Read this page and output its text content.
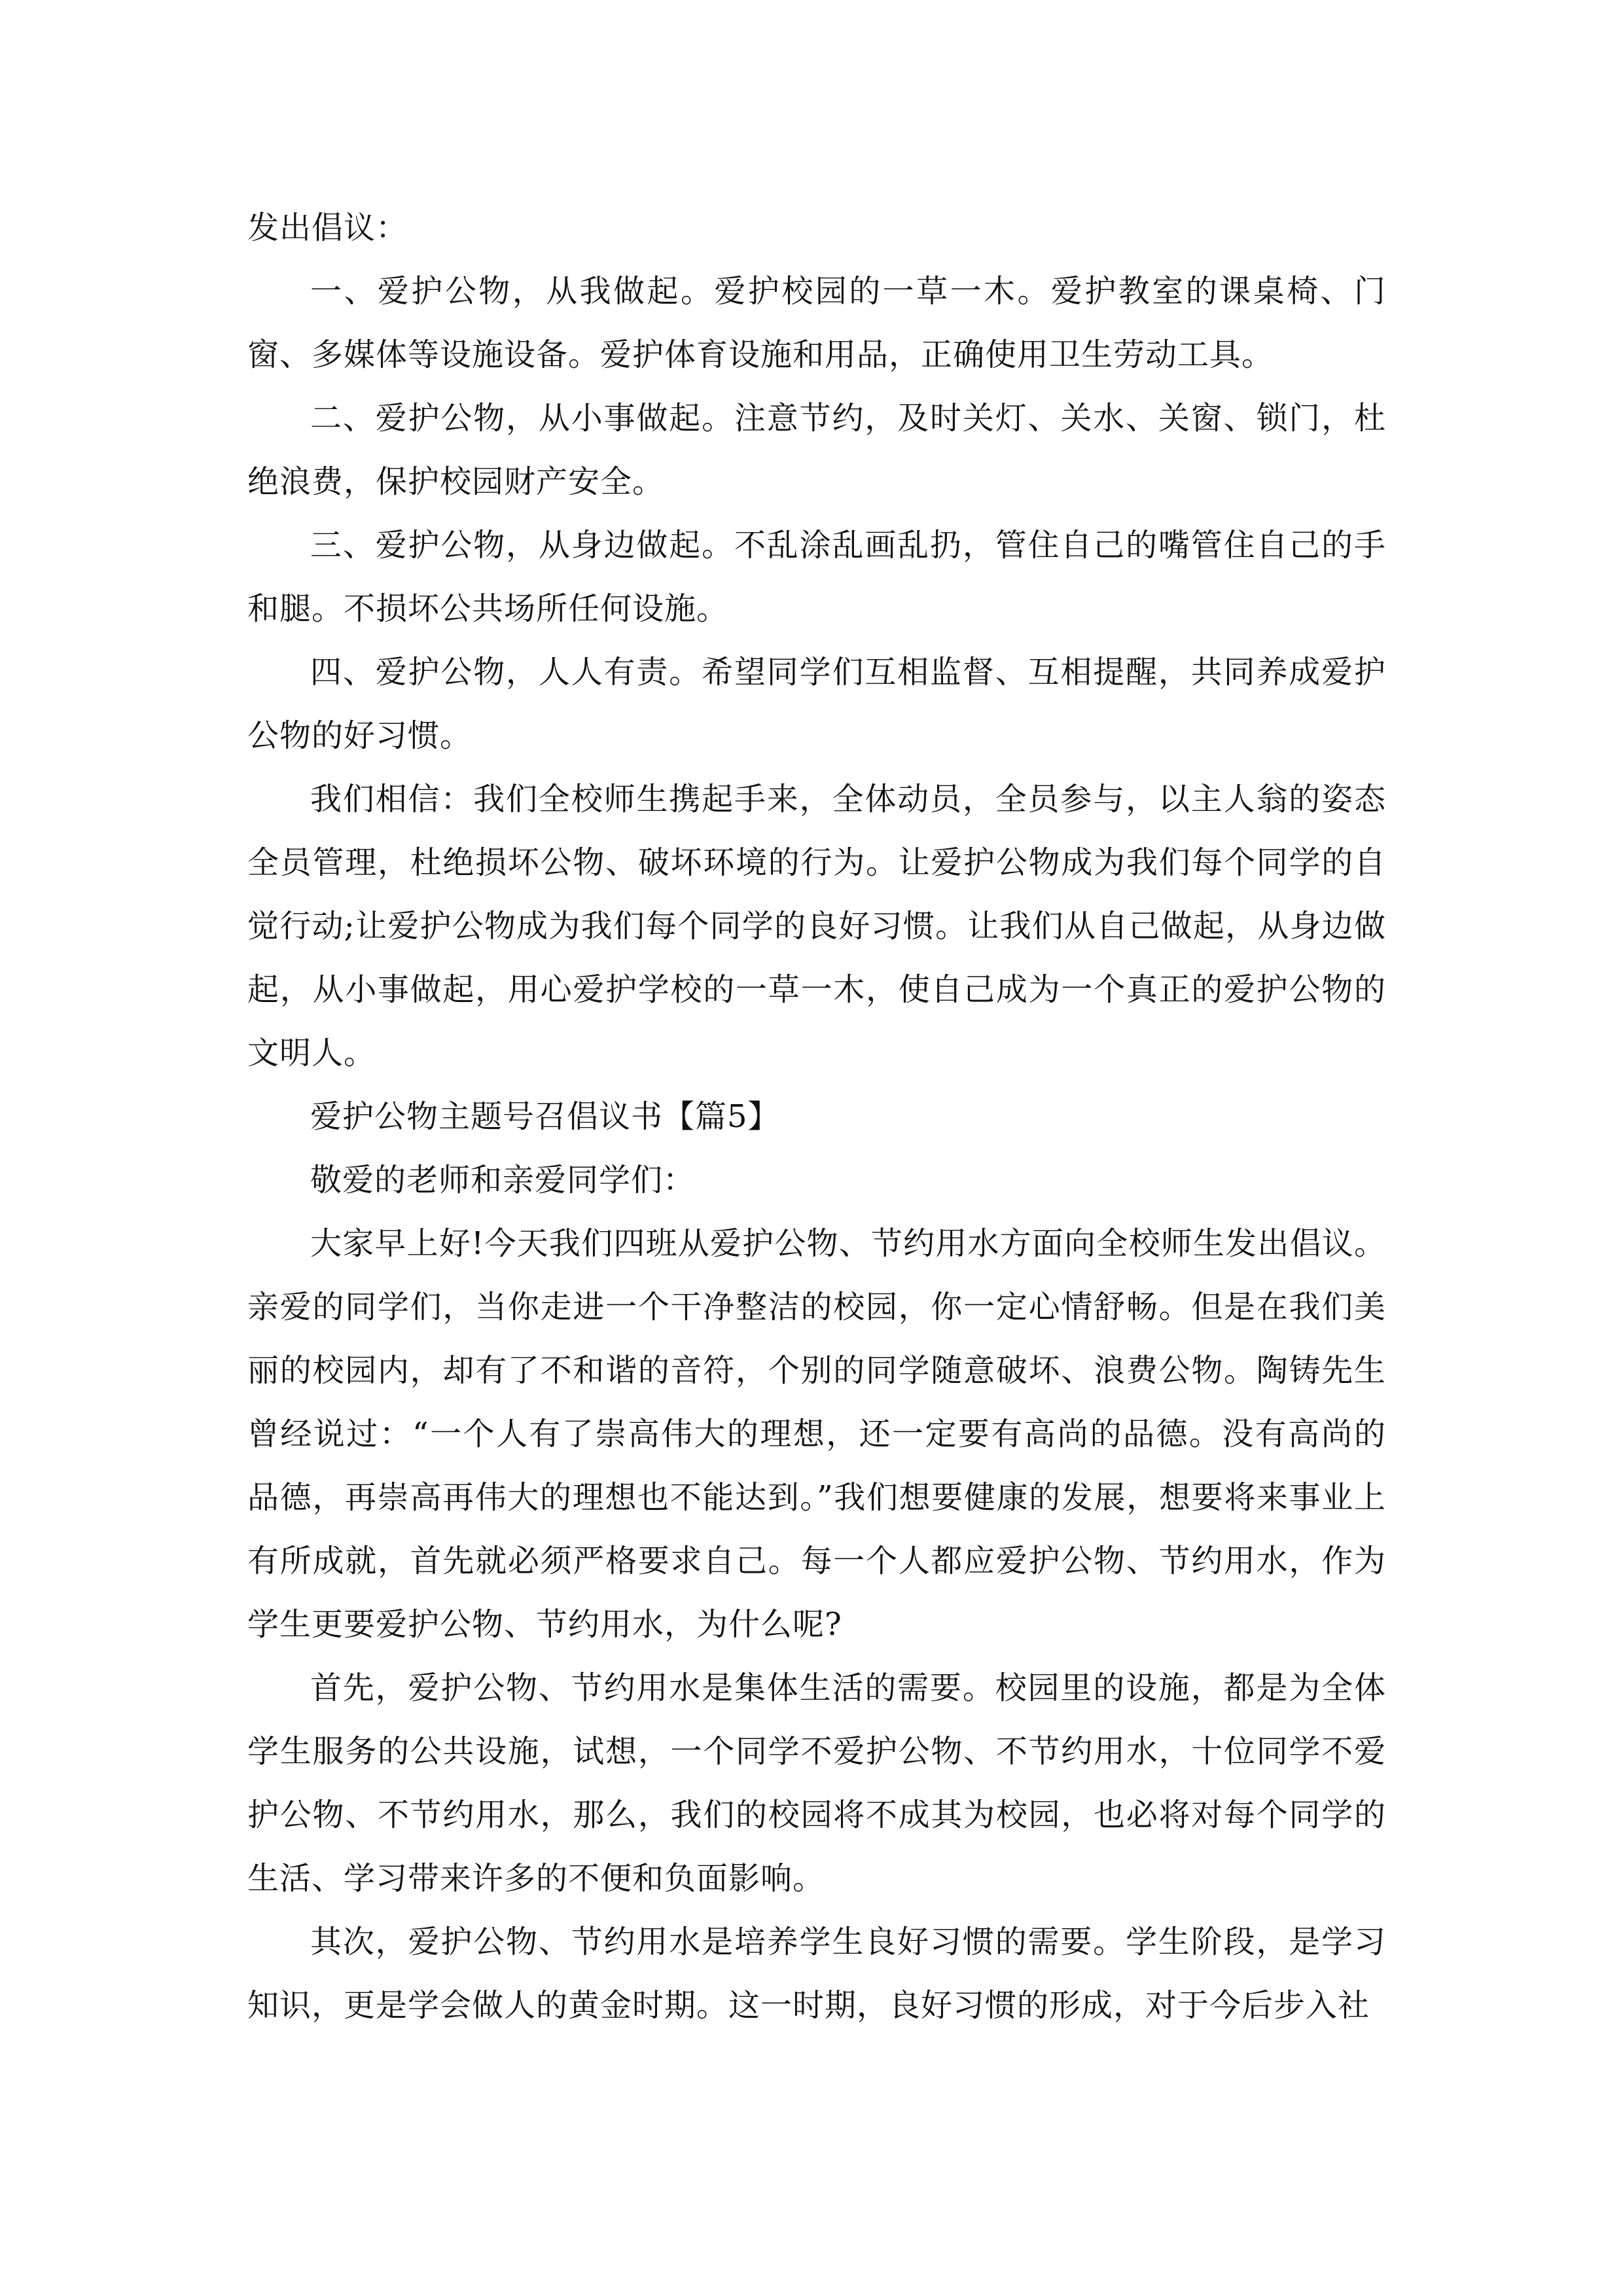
发出倡议：

一、爱护公物，从我做起。爱护校园的一草一木。爱护教室的课桌椅、门窗、多媒体等设施设备。爱护体育设施和用品，正确使用卫生劳动工具。

二、爱护公物，从小事做起。注意节约，及时关灯、关水、关窗、锁门，杜绝浪费，保护校园财产安全。

三、爱护公物，从身边做起。不乱涂乱画乱扔，管住自己的嘴管住自己的手和腿。不损坏公共场所任何设施。

四、爱护公物，人人有责。希望同学们互相监督、互相提醒，共同养成爱护公物的好习惯。

我们相信：我们全校师生携起手来，全体动员，全员参与，以主人翁的姿态全员管理，杜绝损坏公物、破坏环境的行为。让爱护公物成为我们每个同学的自觉行动;让爱护公物成为我们每个同学的良好习惯。让我们从自己做起，从身边做起，从小事做起，用心爱护学校的一草一木，使自己成为一个真正的爱护公物的文明人。

爱护公物主题号召倡议书【篇5】

敬爱的老师和亲爱同学们：

大家早上好!今天我们四班从爱护公物、节约用水方面向全校师生发出倡议。亲爱的同学们，当你走进一个干净整洁的校园，你一定心情舒畅。但是在我们美丽的校园内，却有了不和谐的音符，个别的同学随意破坏、浪费公物。陶铸先生曾经说过：“一个人有了崇高伟大的理想，还一定要有高尚的品德。没有高尚的品德，再崇高再伟大的理想也不能达到。”我们想要健康的发展，想要将来事业上有所成就，首先就必须严格要求自己。每一个人都应爱护公物、节约用水，作为学生更要爱护公物、节约用水，为什么呢?

首先，爱护公物、节约用水是集体生活的需要。校园里的设施，都是为全体学生服务的公共设施，试想，一个同学不爱护公物、不节约用水，十位同学不爱护公物、不节约用水，那么，我们的校园将不成其为校园，也必将对每个同学的生活、学习带来许多的不便和负面影响。

其次，爱护公物、节约用水是培养学生良好习惯的需要。学生阶段，是学习知识，更是学会做人的黄金时期。这一时期，良好习惯的形成，对于今后步入社
